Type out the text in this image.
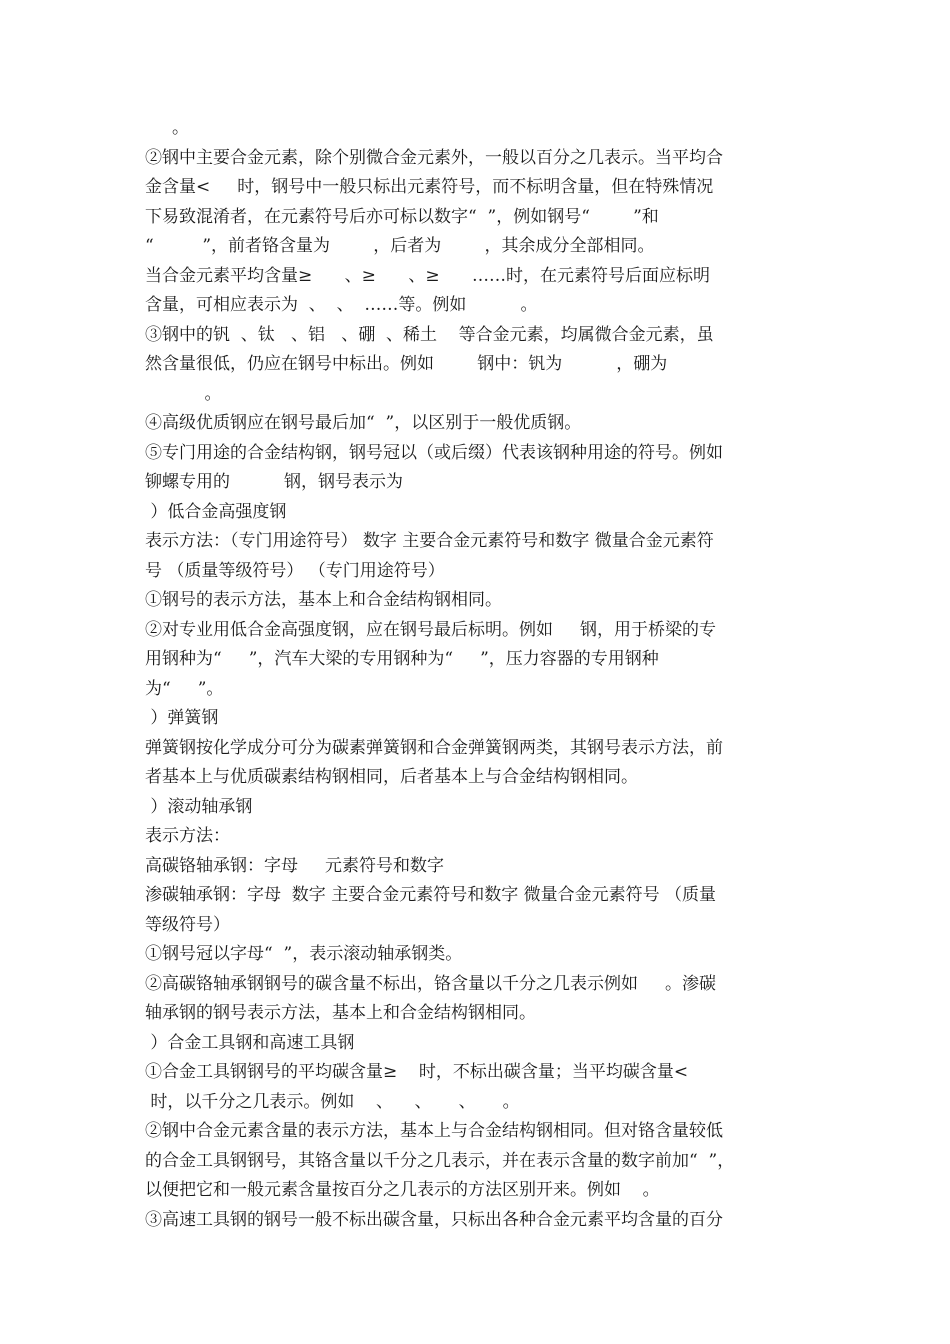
。
②钢中主要合金元素，除个别微合金元素外，一般以百分之几表示。当平均合
金含量<     时，钢号中一般只标出元素符号，而不标明含量，但在特殊情况
下易致混淆者，在元素符号后亦可标以数字“  ”，例如钢号“        ”和
“         ”，前者铬含量为        ，后者为        ，其余成分全部相同。
当合金元素平均含量≥      、≥      、≥      ……时，在元素符号后面应标明
含量，可相应表示为  、  、  ……等。例如          。
③钢中的钒  、钛   、铝   、硼  、稀土    等合金元素，均属微合金元素，虽
然含量很低，仍应在钢号中标出。例如        钢中：钒为          ，硼为
。
④高级优质钢应在钢号最后加“  ”，以区别于一般优质钢。
⑤专门用途的合金结构钢，钢号冠以（或后缀）代表该钢种用途的符号。例如
铆螺专用的          钢，钢号表示为
）低合金高强度钢
表示方法：（专门用途符号） 数字 主要合金元素符号和数字 微量合金元素符
号 （质量等级符号） （专门用途符号）
①钢号的表示方法，基本上和合金结构钢相同。
②对专业用低合金高强度钢，应在钢号最后标明。例如     钢，用于桥梁的专
用钢种为“     ”，汽车大梁的专用钢种为“     ”，压力容器的专用钢种
为“     ”。
）弹簧钢
弹簧钢按化学成分可分为碳素弹簧钢和合金弹簧钢两类，其钢号表示方法，前
者基本上与优质碳素结构钢相同，后者基本上与合金结构钢相同。
）滚动轴承钢
表示方法：
高碳铬轴承钢：字母     元素符号和数字
渗碳轴承钢：字母  数字 主要合金元素符号和数字 微量合金元素符号 （质量
等级符号）
①钢号冠以字母“  ”，表示滚动轴承钢类。
②高碳铬轴承钢钢号的碳含量不标出，铬含量以千分之几表示例如     。渗碳
轴承钢的钢号表示方法，基本上和合金结构钢相同。
）合金工具钢和高速工具钢
①合金工具钢钢号的平均碳含量≥    时，不标出碳含量；当平均碳含量<
时，以千分之几表示。例如    、    、     、     。
②钢中合金元素含量的表示方法，基本上与合金结构钢相同。但对铬含量较低
的合金工具钢钢号，其铬含量以千分之几表示，并在表示含量的数字前加“  ”，
以便把它和一般元素含量按百分之几表示的方法区别开来。例如    。
③高速工具钢的钢号一般不标出碳含量，只标出各种合金元素平均含量的百分
